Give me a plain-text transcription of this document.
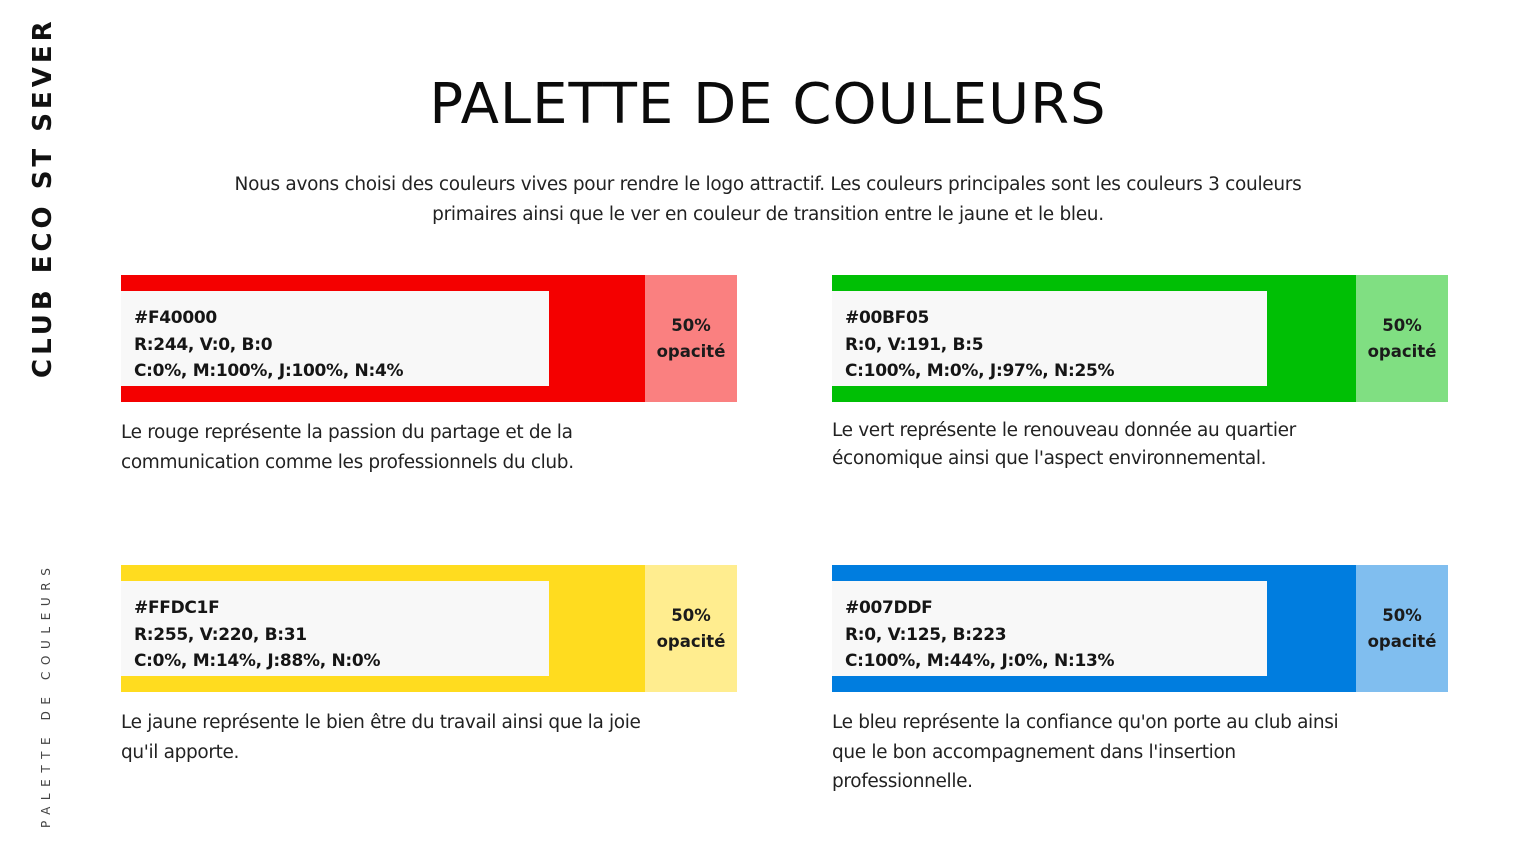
CLUB ECO ST SEVER
PALETTE DE COULEURS
PALETTE DE COULEURS
Nous avons choisi des couleurs vives pour rendre le logo attractif. Les couleurs principales sont les couleurs 3 couleurs primaires ainsi que le ver en couleur de transition entre le jaune et le bleu.
50%
opacité
#F40000
R:244, V:0, B:0
C:0%, M:100%, J:100%, N:4%
Le rouge représente la passion du partage et de la communication comme les professionnels du club.
50%
opacité
#00BF05
R:0, V:191, B:5
C:100%, M:0%, J:97%, N:25%
Le vert représente le renouveau donnée au quartier économique ainsi que l'aspect environnemental.
50%
opacité
#FFDC1F
R:255, V:220, B:31
C:0%, M:14%, J:88%, N:0%
Le jaune représente le bien être du travail ainsi que la joie qu'il apporte.
50%
opacité
#007DDF
R:0, V:125, B:223
C:100%, M:44%, J:0%, N:13%
Le bleu représente la confiance qu'on porte au club ainsi que le bon accompagnement dans l'insertion professionnelle.
